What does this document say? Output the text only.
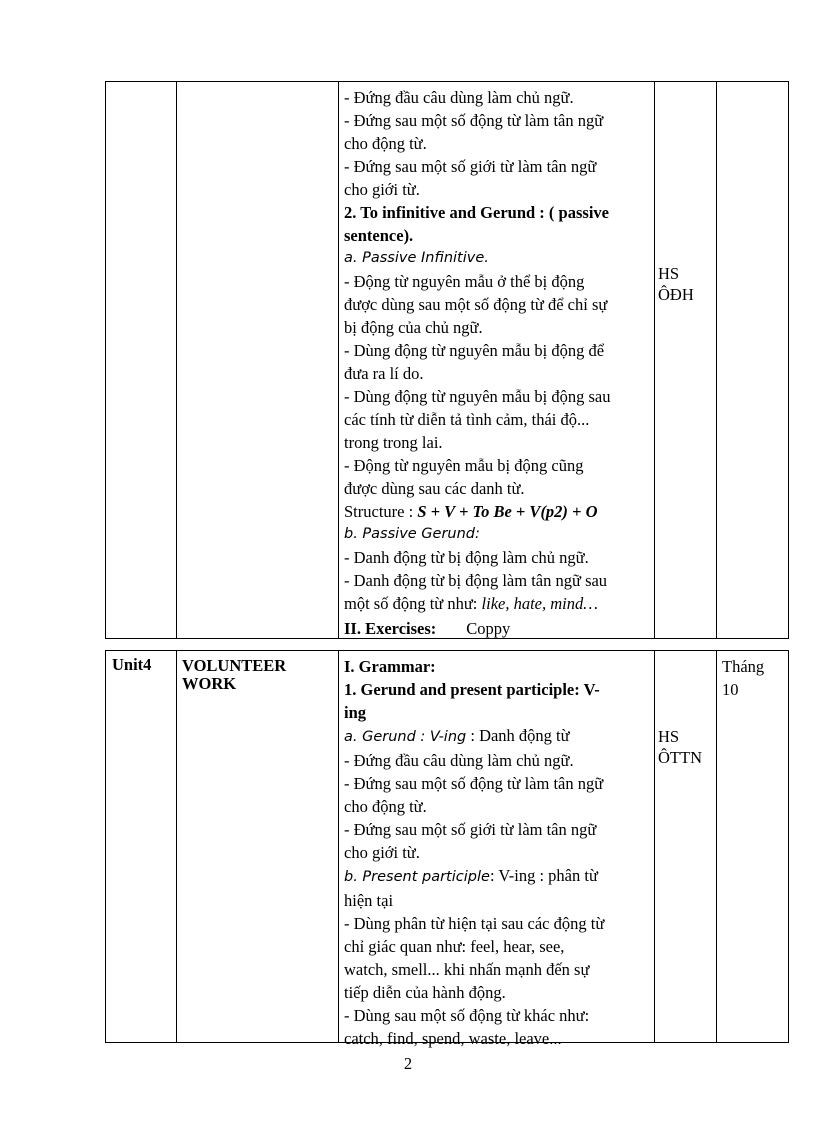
- Đứng đầu câu dùng làm chủ ngữ.
- Đứng sau một số động từ làm tân ngữ
cho động từ.
- Đứng sau một số giới từ làm tân ngữ
cho giới từ.
2. To infinitive and Gerund : ( passive
sentence).
a. Passive Infinitive.
- Động từ nguyên mẫu ở thể bị động
được dùng sau một số động từ để chỉ sự
bị động của chủ ngữ.
- Dùng động từ nguyên mẫu bị động để
đưa ra lí do.
- Dùng động từ nguyên mẫu bị động sau
các tính từ diễn tả tình cảm, thái độ...
trong trong lai.
- Động từ nguyên mẫu bị động cũng
được dùng sau các danh từ.
Structure : S + V + To Be + V(p2) + O
b. Passive Gerund:
- Danh động từ bị động làm chủ ngữ.
- Danh động từ bị động làm tân ngữ sau
một số động từ như: like, hate, mind…
II. Exercises: Coppy
HS
ÔĐH
Unit4 VOLUNTEER
WORK
I. Grammar:
1. Gerund and present participle: V-
ing
a. Gerund : V-ing : Danh động từ
- Đứng đầu câu dùng làm chủ ngữ.
- Đứng sau một số động từ làm tân ngữ
cho động từ.
- Đứng sau một số giới từ làm tân ngữ
cho giới từ.
b. Present participle: V-ing : phân từ
hiện tại
- Dùng phân từ hiện tại sau các động từ
chỉ giác quan như: feel, hear, see,
watch, smell... khi nhấn mạnh đến sự
tiếp diễn của hành động.
- Dùng sau một số động từ khác như:
catch, find, spend, waste, leave...
HS
ÔTTN
Tháng
10
2
